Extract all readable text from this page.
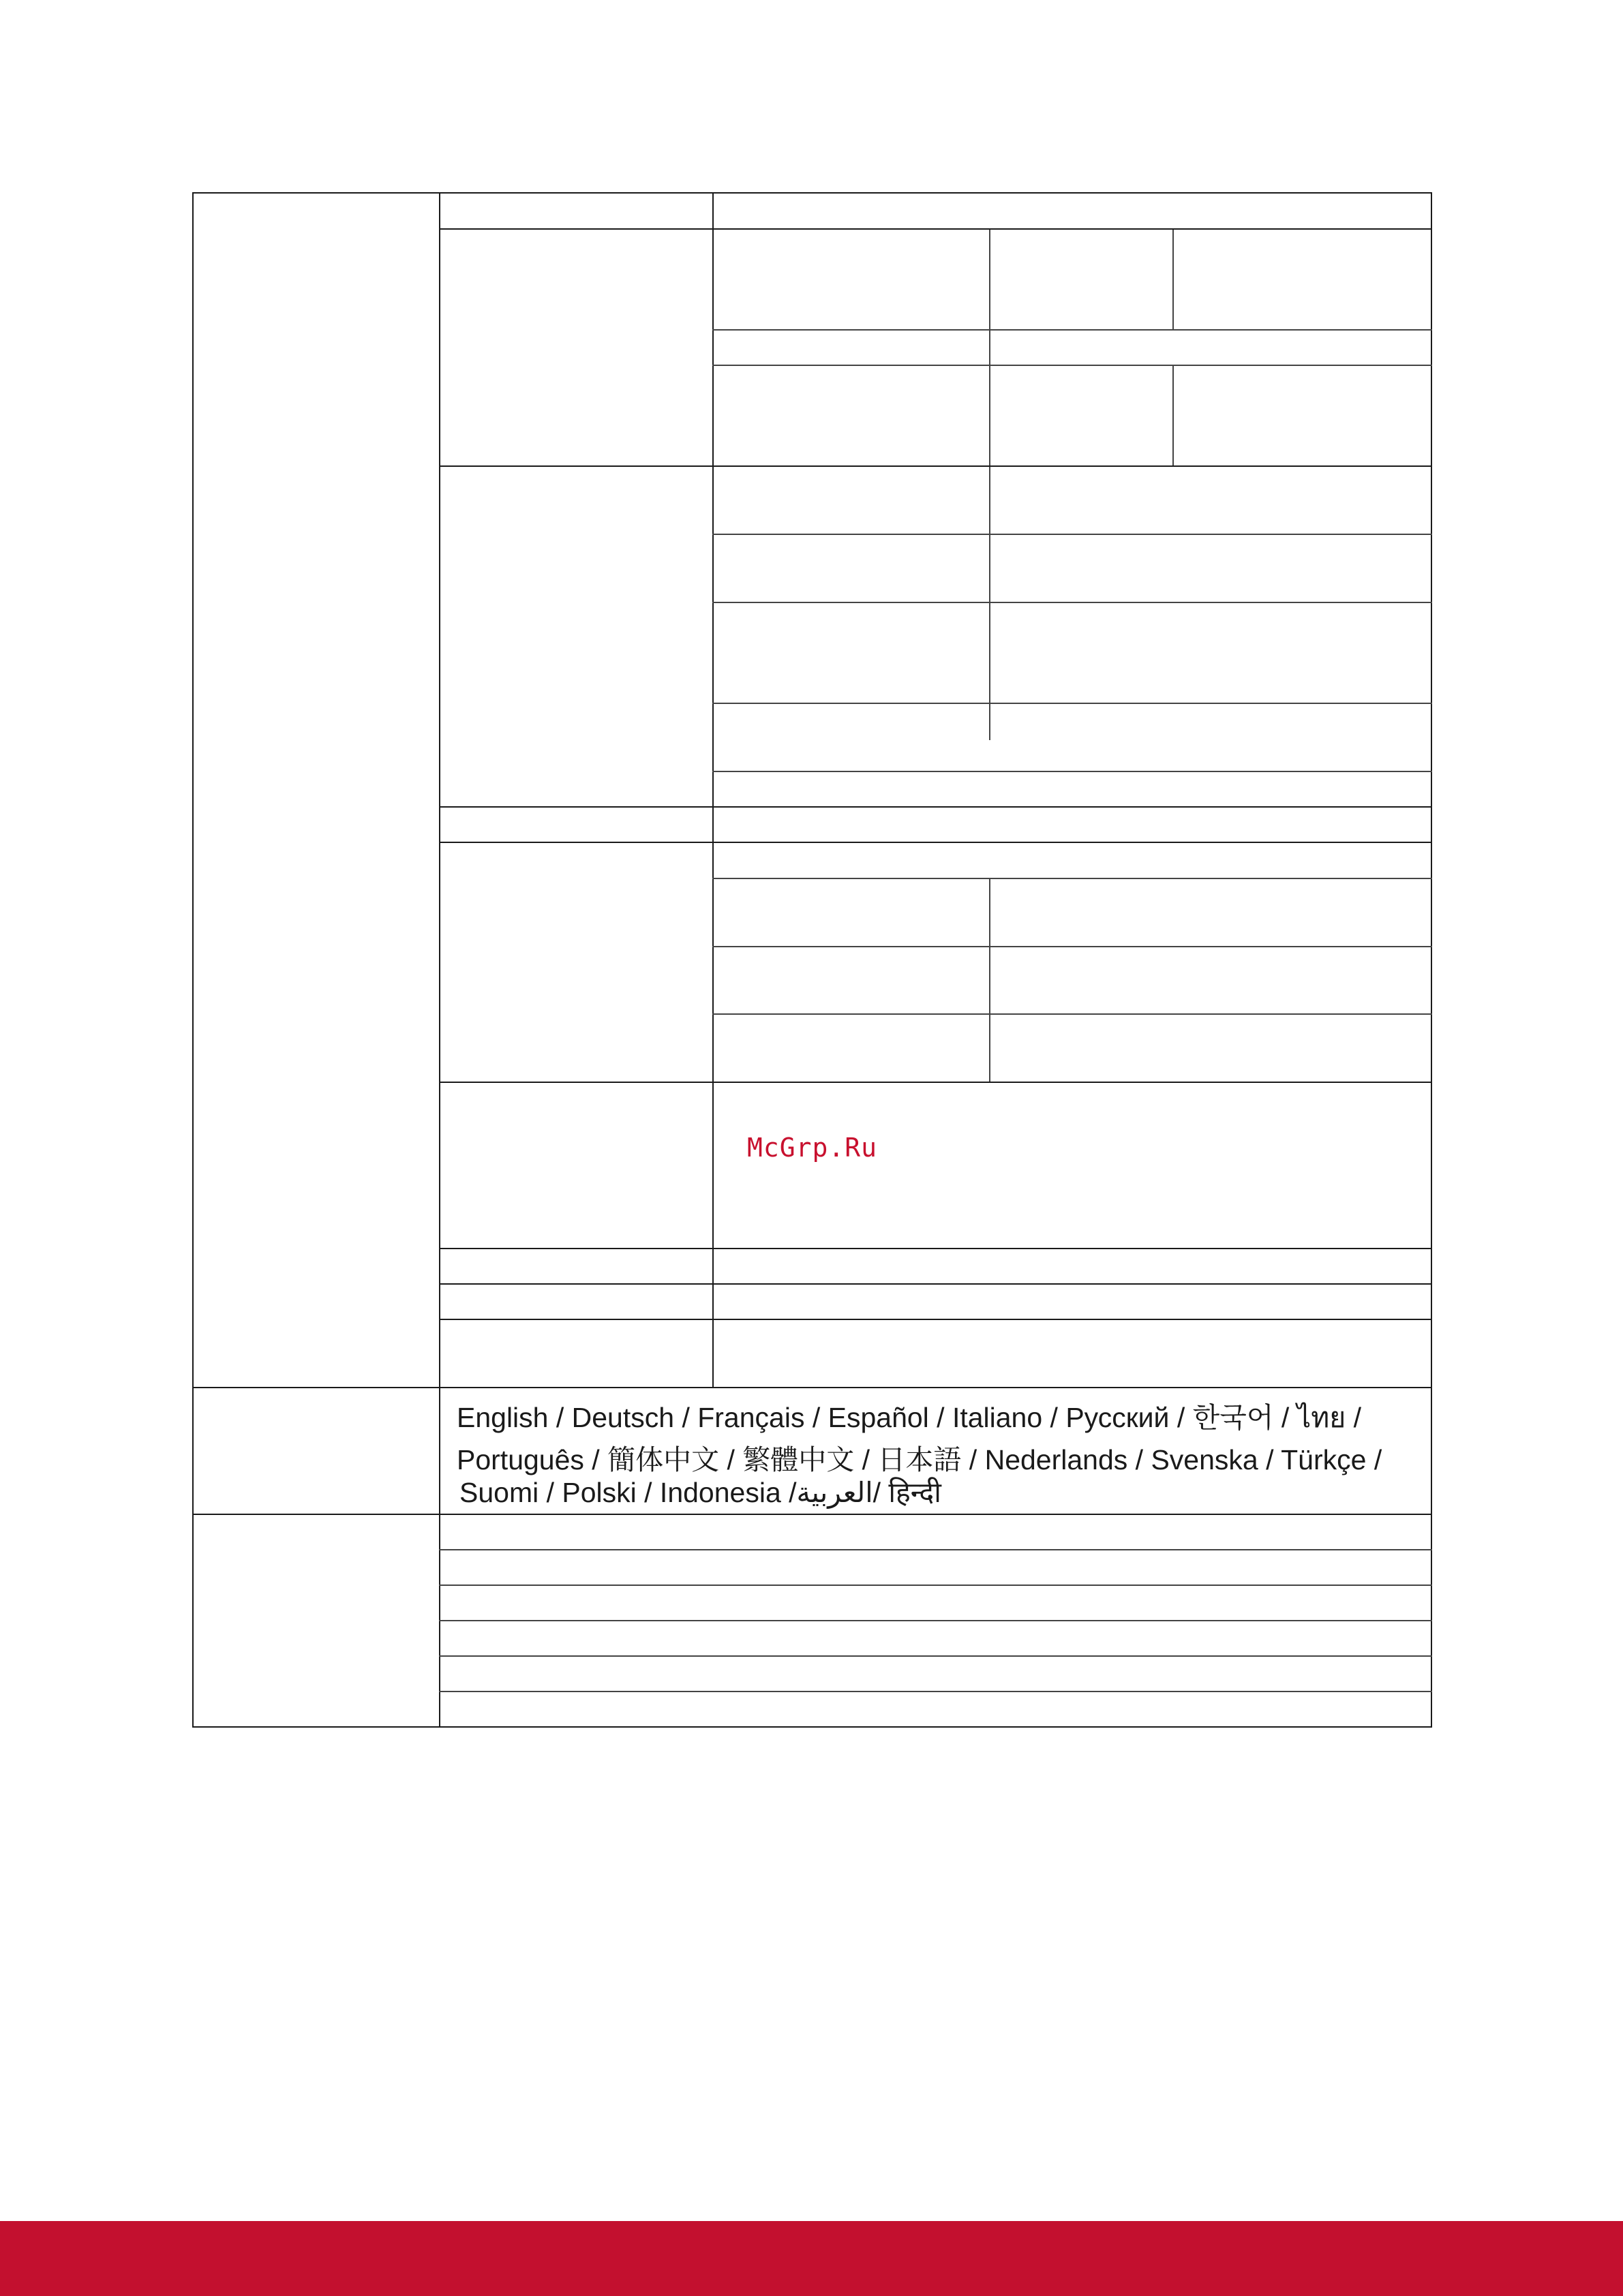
McGrp.Ru
English / Deutsch / Français / Español / Italiano / Русский / 한국어 / ไทย /
Português / 簡体中文 / 繁體中文 / 日本語 / Nederlands / Svenska / Türkçe /
Suomi / Polski / Indonesia /العربية/ हिन्दी
